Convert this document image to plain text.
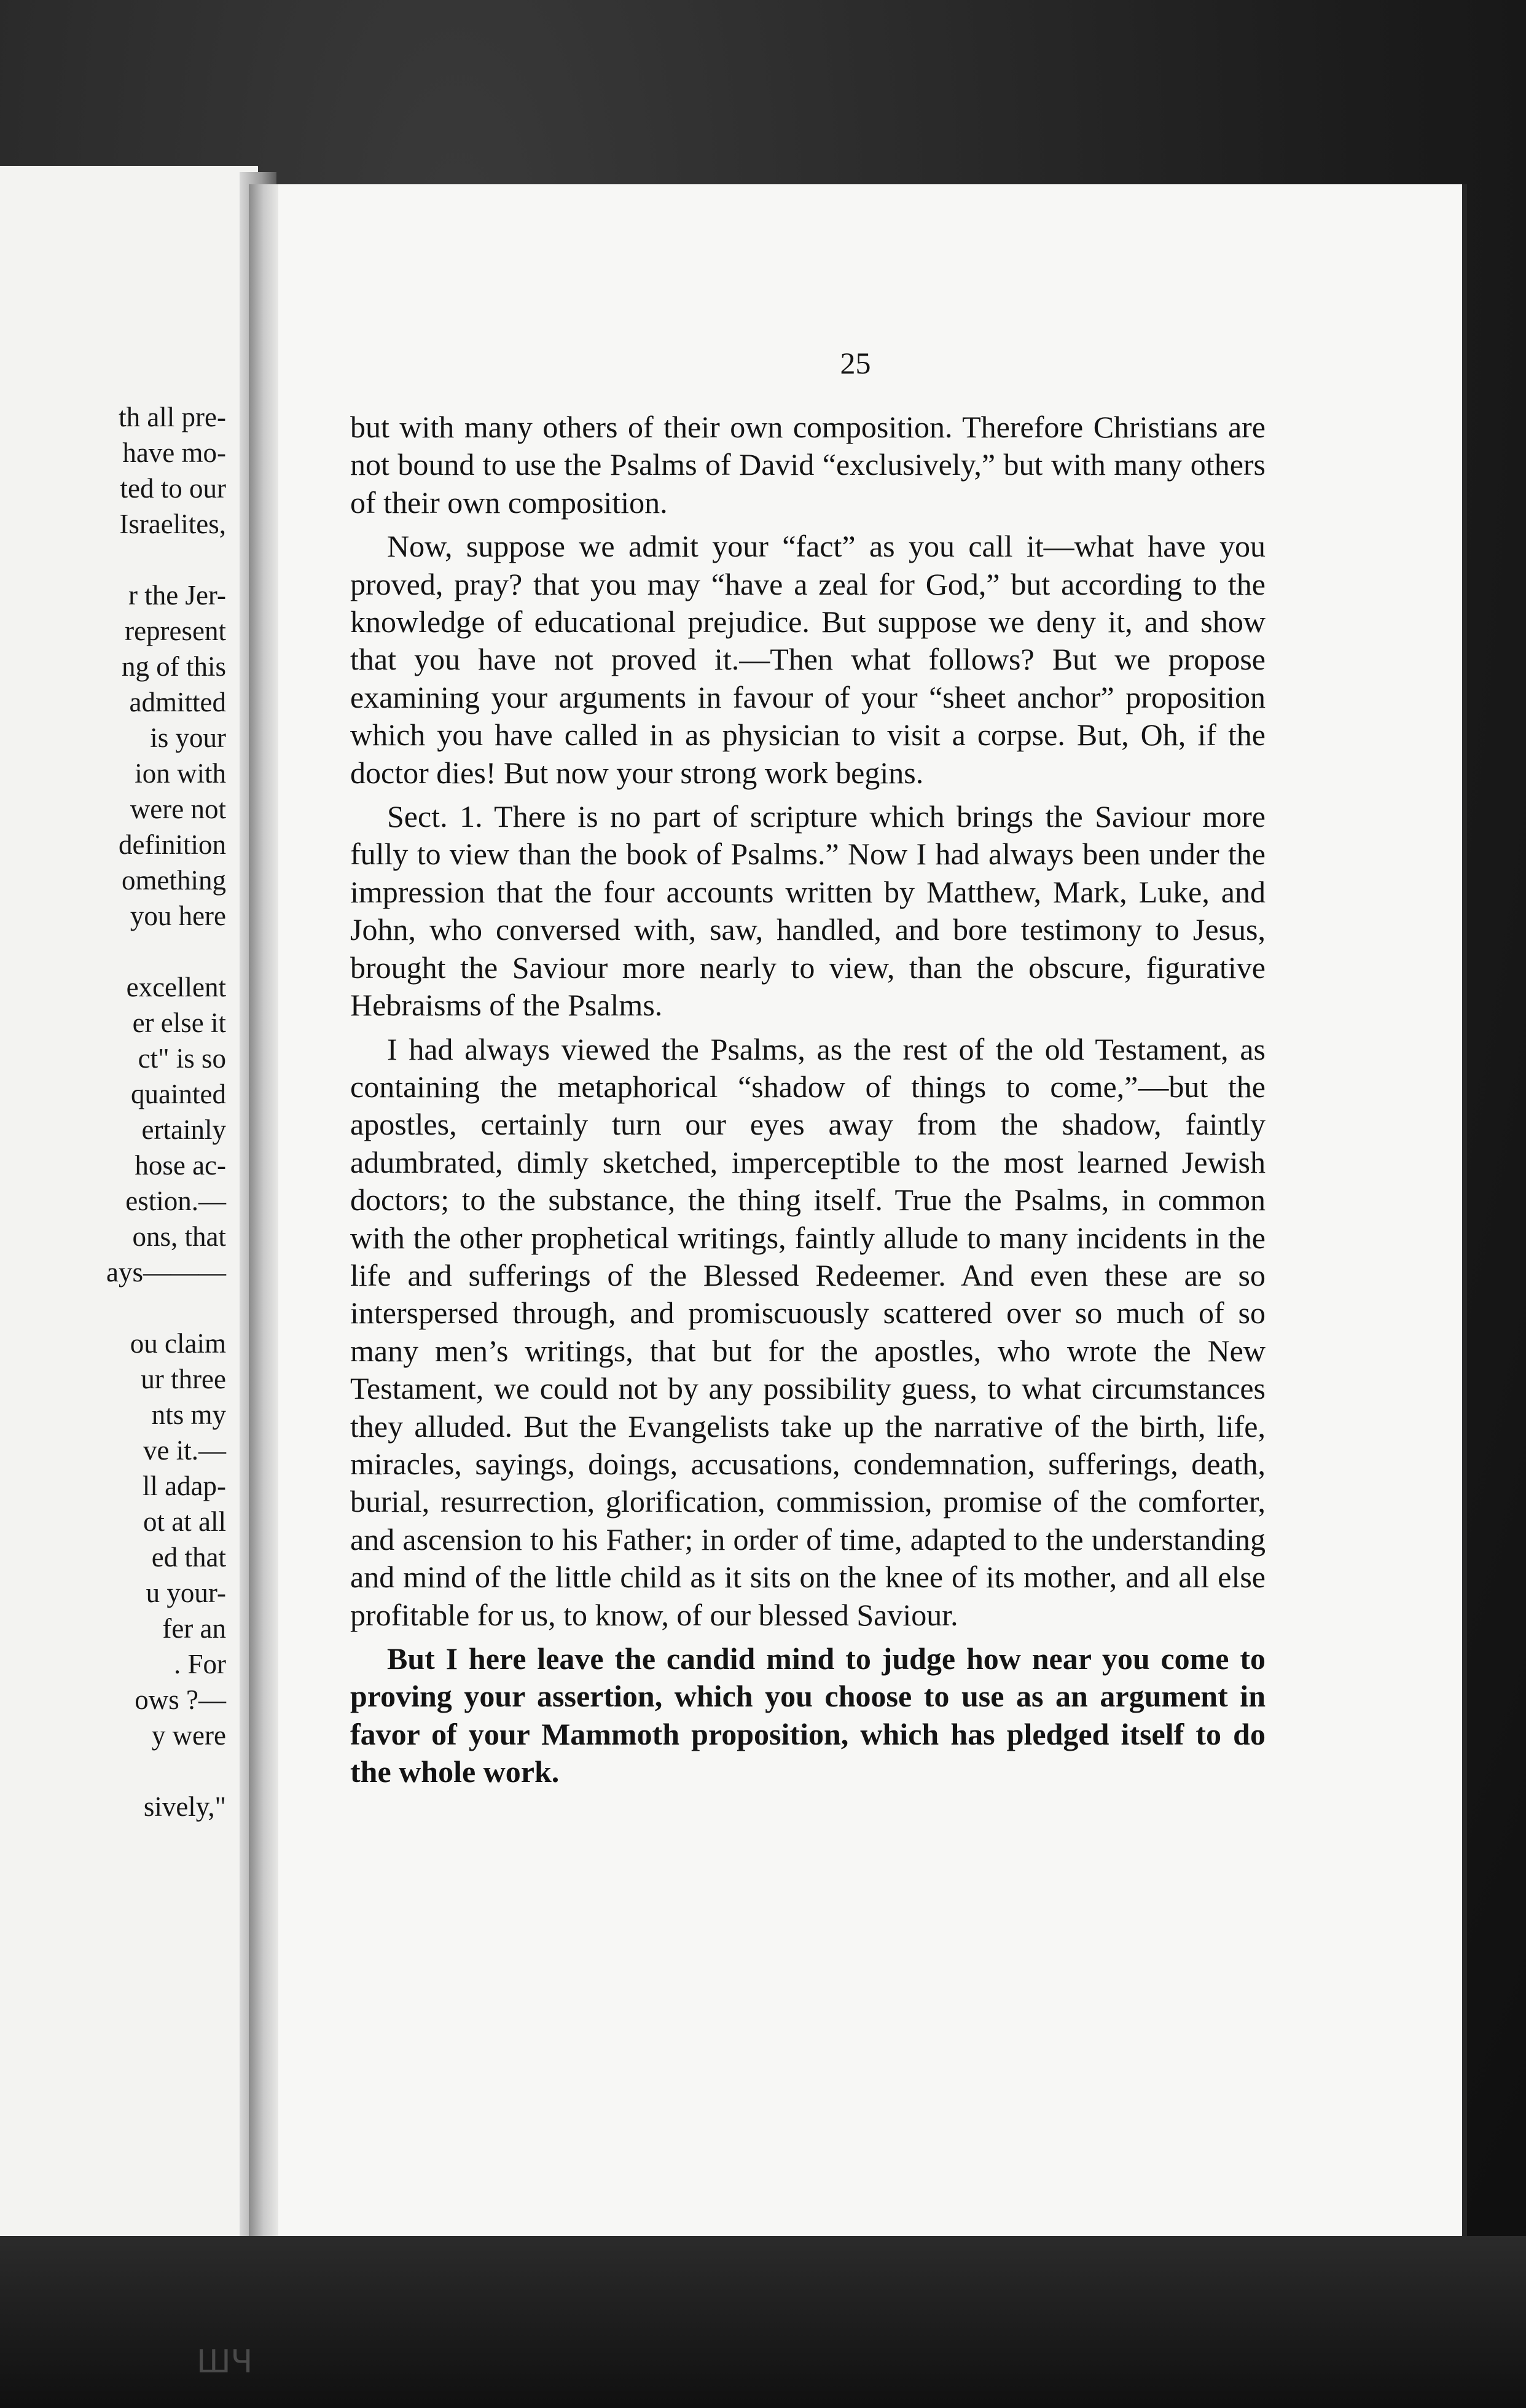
th all pre-
have mo-
ted to our
Israelites,
r the Jer-
represent
ng of this
admitted
is your
ion with
were not
definition
omething
you here
excellent
er else it
ct" is so
quainted
ertainly
hose ac-
estion.—
ons, that
ays———
ou claim
ur three
nts my
ve it.—
ll adap-
ot at all
ed that
u your-
fer an
. For
ows ?—
y were
sively,"
25

but with many others of their own composition. Therefore Christians are not bound to use the Psalms of David “exclusively,” but with many others of their own composition.

Now, suppose we admit your “fact” as you call it—what have you proved, pray? that you may “have a zeal for God,” but according to the knowledge of educational prejudice. But suppose we deny it, and show that you have not proved it.—Then what follows? But we propose examining your arguments in favour of your “sheet anchor” proposition which you have called in as physician to visit a corpse. But, Oh, if the doctor dies! But now your strong work begins.

Sect. 1. There is no part of scripture which brings the Saviour more fully to view than the book of Psalms.” Now I had always been under the impression that the four accounts written by Matthew, Mark, Luke, and John, who conversed with, saw, handled, and bore testimony to Jesus, brought the Saviour more nearly to view, than the obscure, figurative Hebraisms of the Psalms.

I had always viewed the Psalms, as the rest of the old Testament, as containing the metaphorical “shadow of things to come,”—but the apostles, certainly turn our eyes away from the shadow, faintly adumbrated, dimly sketched, imperceptible to the most learned Jewish doctors; to the substance, the thing itself. True the Psalms, in common with the other prophetical writings, faintly allude to many incidents in the life and sufferings of the Blessed Redeemer. And even these are so interspersed through, and promiscuously scattered over so much of so many men’s writings, that but for the apostles, who wrote the New Testament, we could not by any possibility guess, to what circumstances they alluded. But the Evangelists take up the narrative of the birth, life, miracles, sayings, doings, accusations, condemnation, sufferings, death, burial, resurrection, glorification, commission, promise of the comforter, and ascension to his Father; in order of time, adapted to the understanding and mind of the little child as it sits on the knee of its mother, and all else profitable for us, to know, of our blessed Saviour.

But I here leave the candid mind to judge how near you come to proving your assertion, which you choose to use as an argument in favor of your Mammoth proposition, which has pledged itself to do the whole work.

ШЧ
